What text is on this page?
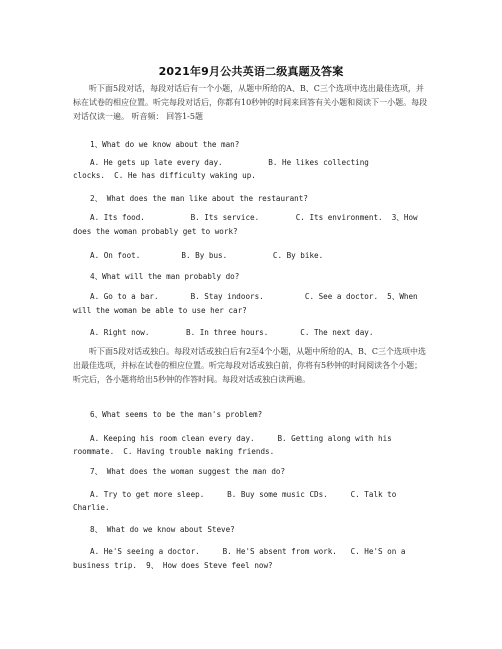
2021年9月公共英语二级真题及答案
听下面5段对话，每段对话后有一个小题，从题中所给的A、B、C三个选项中选出最佳选项，并标在试卷的相应位置。听完每段对话后，你都有10秒钟的时间来回答有关小题和阅读下一小题。每段对话仅读一遍。 听音频： 回答1-5题
1、What do we know about the man?
A. He gets up late every day.          B. He likes collecting
clocks.  C. He has difficulty waking up.
2、 What does the man like about the restaurant?
A. Its food.          B. Its service.        C. Its environment.  3、How
does the woman probably get to work?
A. On foot.         B. By bus.          C. By bike.
4、What will the man probably do?
A. Go to a bar.       B. Stay indoors.         C. See a doctor.  5、When
will the woman be able to use her car?
A. Right now.        B. In three hours.       C. The next day.
听下面5段对话或独白。每段对话或独白后有2至4个小题，从题中所给的A、B、C三个选项中选出最佳选项，并标在试卷的相应位置。听完每段对话或独白前，你将有5秒钟的时间阅读各个小题；听完后，各小题将给出5秒钟的作答时间。每段对话或独白读两遍。
6、What seems to be the man's problem?
A. Keeping his room clean every day.     B. Getting along with his
roommate.  C. Having trouble making friends.
7、 What does the woman suggest the man do?
A. Try to get more sleep.     B. Buy some music CDs.     C. Talk to
Charlie.
8、 What do we know about Steve?
A. He'S seeing a doctor.     B. He'S absent from work.   C. He'S on a
business trip.  9、 How does Steve feel now?
